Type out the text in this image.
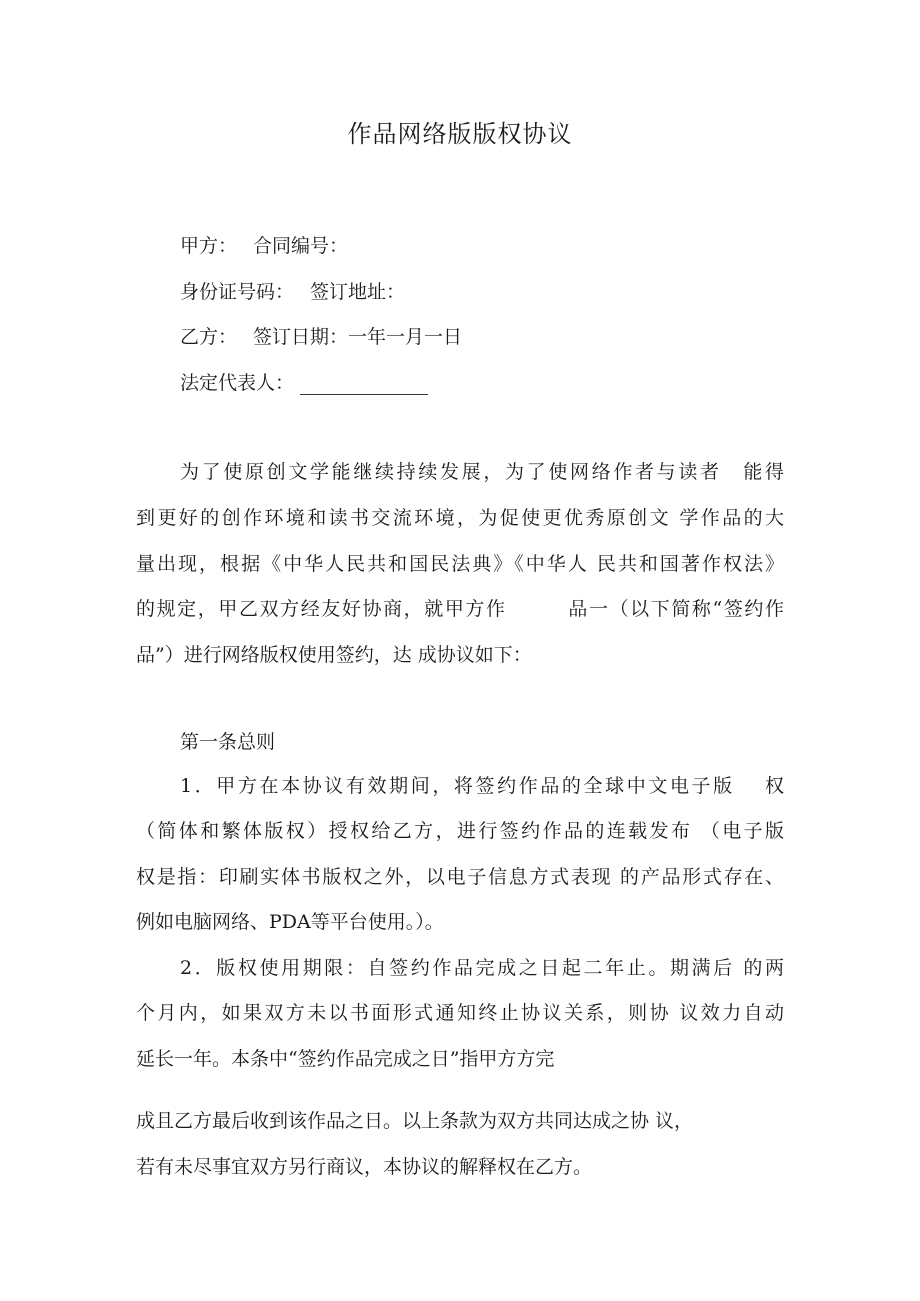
作品网络版版权协议
甲方： 合同编号：
身份证号码： 签订地址：
乙方： 签订日期：一年一月一日
法定代表人：
为了使原创文学能继续持续发展，为了使网络作者与读者　能得
到更好的创作环境和读书交流环境，为促使更优秀原创文 学作品的大
量出现，根据《中华人民共和国民法典》《中华人 民共和国著作权法》
的规定，甲乙双方经友好协商，就甲方作　　　品一（以下简称“签约作
品”）进行网络版权使用签约，达 成协议如下：
第一条总则
1．甲方在本协议有效期间，将签约作品的全球中文电子版　 权
（简体和繁体版权）授权给乙方，进行签约作品的连载发布 （电子版
权是指：印刷实体书版权之外，以电子信息方式表现 的产品形式存在、
例如电脑网络、PDA等平台使用。）。
2．版权使用期限：自签约作品完成之日起二年止。期满后 的两
个月内，如果双方未以书面形式通知终止协议关系，则协 议效力自动
延长一年。本条中“签约作品完成之日”指甲方方完
成且乙方最后收到该作品之日。以上条款为双方共同达成之协 议，
若有未尽事宜双方另行商议，本协议的解释权在乙方。
